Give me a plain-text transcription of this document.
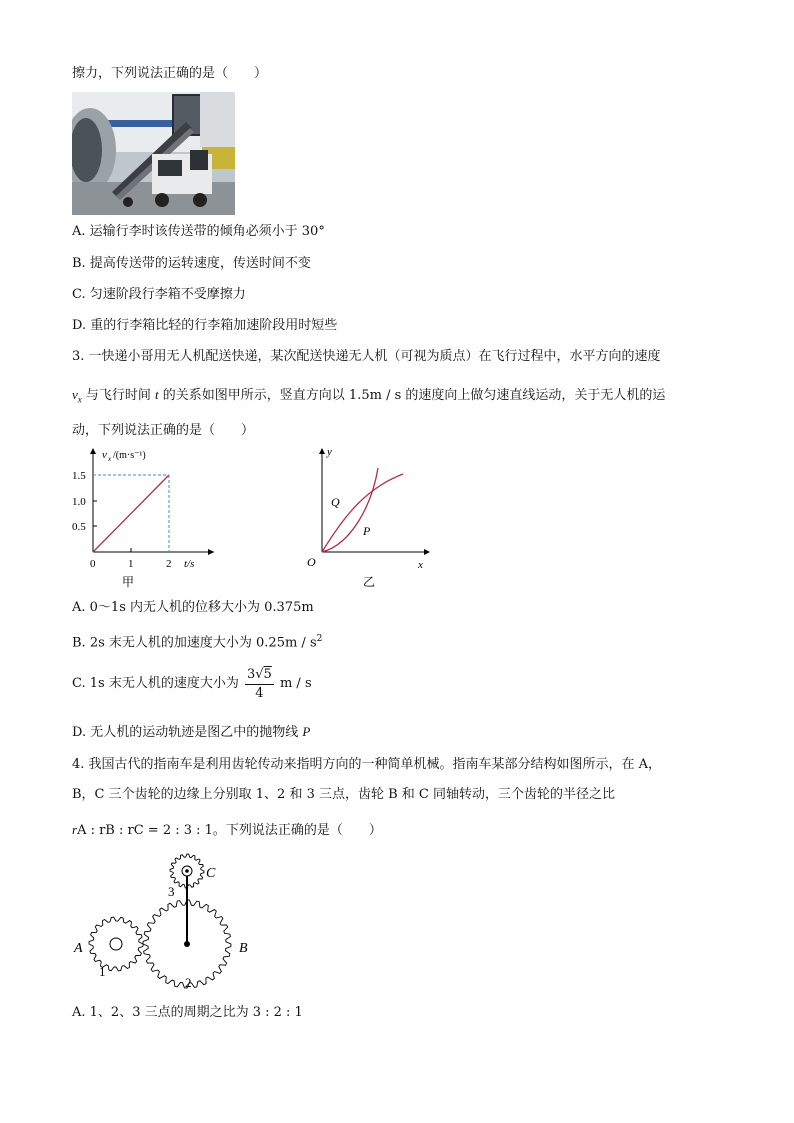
擦力，下列说法正确的是（　　）
A. 运输行李时该传送带的倾角必须小于 30°
B. 提高传送带的运转速度，传送时间不变
C. 匀速阶段行李箱不受摩擦力
D. 重的行李箱比轻的行李箱加速阶段用时短些
3. 一快递小哥用无人机配送快递，某次配送快递无人机（可视为质点）在飞行过程中，水平方向的速度
$v_x$ 与飞行时间 t 的关系如图甲所示，竖直方向以 1.5m / s 的速度向上做匀速直线运动，关于无人机的运
动，下列说法正确的是（　　）
v x /(m·s⁻¹)
1.5
1.0
0.5
0	1	2 t/s
甲
y
x
O
Q
P
乙
A. 0～1s 内无人机的位移大小为 0.375m
B. 2s 末无人机的加速度大小为 $0.25m / s^2$
C. 1s 末无人机的速度大小为 $\frac{3√5}{4}$ m / s
D. 无人机的运动轨迹是图乙中的抛物线 P
4. 我国古代的指南车是利用齿轮传动来指明方向的一种简单机械。指南车某部分结构如图所示，在 A，
B，C 三个齿轮的边缘上分别取 1、2 和 3 三点，齿轮 B 和 C 同轴转动，三个齿轮的半径之比
rA : rB : rC = 2 : 3 : 1。下列说法正确的是（　　）
C
3
A
1
B
2
A. 1、2、3 三点的周期之比为 3 : 2 : 1
